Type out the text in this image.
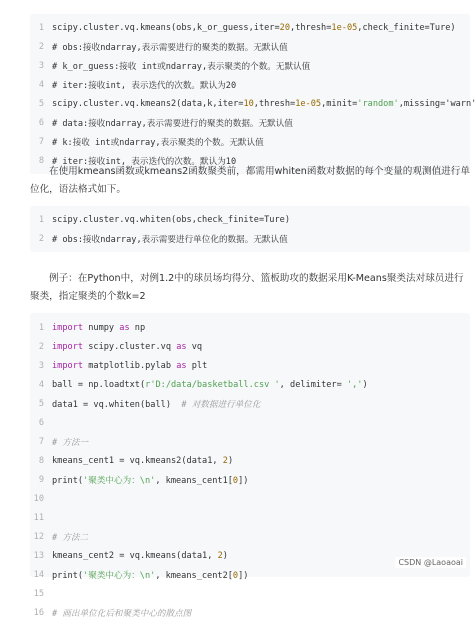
1 scipy.cluster.vq.kmeans(obs,k_or_guess,iter=20,thresh=1e-05,check_finite=Ture)
2 # obs:接收ndarray,表示需要进行的聚类的数据。无默认值
3 # k_or_guess:接收 int或ndarray,表示聚类的个数。无默认值
4 # iter:接收int, 表示迭代的次数。默认为20
5 scipy.cluster.vq.kmeans2(data,k,iter=10,thresh=1e-05,minit='random',missing='warn'
6 # data:接收ndarray,表示需要进行的聚类的数据。无默认值
7 # k:接收 int或ndarray,表示聚类的个数。无默认值
8 # iter:接收int, 表示迭代的次数。默认为10

在使用kmeans函数或kmeans2函数聚类前，都需用whiten函数对数据的每个变量的观测值进行单位化，语法格式如下。

1 scipy.cluster.vq.whiten(obs,check_finite=Ture)
2 # obs:接收ndarray,表示需要进行单位化的数据。无默认值

例子：在Python中，对例1.2中的球员场均得分、篮板助攻的数据采用K-Means聚类法对球员进行聚类，指定聚类的个数k=2

1 import numpy as np
2 import scipy.cluster.vq as vq
3 import matplotlib.pylab as plt
4 ball = np.loadtxt(r'D:/data/basketball.csv ', delimiter= ',')
5 data1 = vq.whiten(ball)  # 对数据进行单位化
6
7 # 方法一
8 kmeans_cent1 = vq.kmeans2(data1, 2)
9 print('聚类中心为：\n', kmeans_cent1[0])
10
11
12 # 方法二
13 kmeans_cent2 = vq.kmeans(data1, 2)
14 print('聚类中心为：\n', kmeans_cent2[0])
15
16 # 画出单位化后和聚类中心的散点图
CSDN @Laoaoai
